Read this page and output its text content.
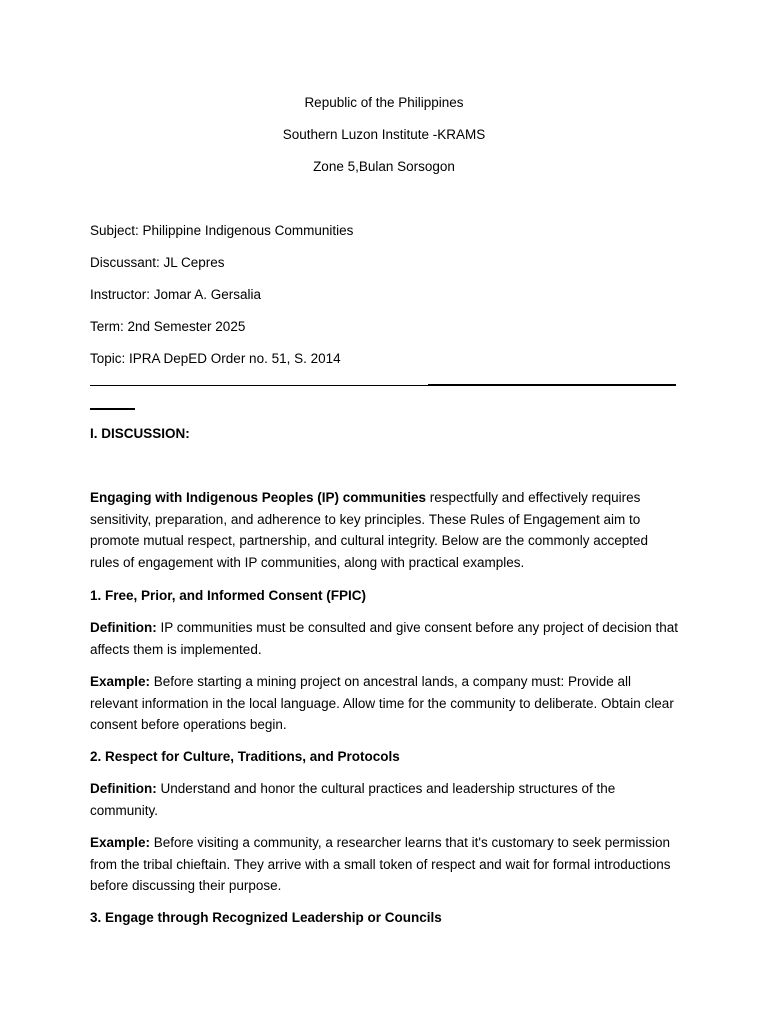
Republic of the Philippines
Southern Luzon Institute -KRAMS
Zone 5,Bulan Sorsogon
Subject: Philippine Indigenous Communities
Discussant: JL Cepres
Instructor: Jomar A. Gersalia
Term: 2nd Semester 2025
Topic: IPRA DepED Order no. 51, S. 2014
I. DISCUSSION:
Engaging with Indigenous Peoples (IP) communities respectfully and effectively requires sensitivity, preparation, and adherence to key principles. These Rules of Engagement aim to promote mutual respect, partnership, and cultural integrity. Below are the commonly accepted rules of engagement with IP communities, along with practical examples.
1. Free, Prior, and Informed Consent (FPIC)
Definition: IP communities must be consulted and give consent before any project of decision that affects them is implemented.
Example: Before starting a mining project on ancestral lands, a company must: Provide all relevant information in the local language. Allow time for the community to deliberate. Obtain clear consent before operations begin.
2. Respect for Culture, Traditions, and Protocols
Definition: Understand and honor the cultural practices and leadership structures of the community.
Example: Before visiting a community, a researcher learns that it's customary to seek permission from the tribal chieftain. They arrive with a small token of respect and wait for formal introductions before discussing their purpose.
3. Engage through Recognized Leadership or Councils
